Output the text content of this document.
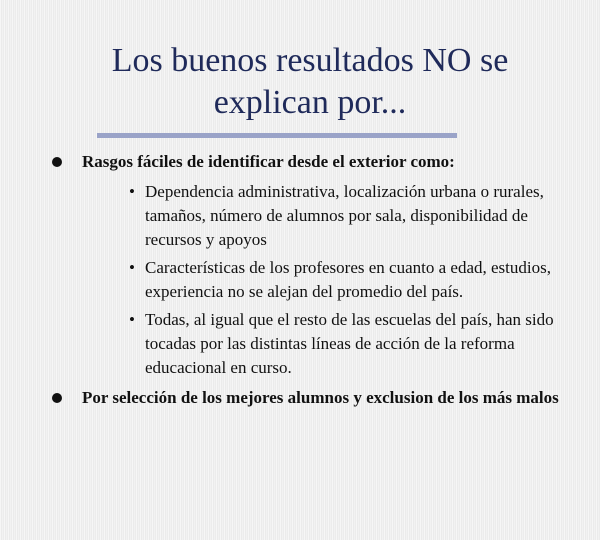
Los buenos resultados NO se
explican por...
Rasgos fáciles de identificar desde el exterior como:
• Dependencia administrativa, localización urbana o rurales, tamaños, número de alumnos por sala, disponibilidad de recursos y apoyos
• Características de los profesores en cuanto a edad, estudios, experiencia no se alejan del promedio del país.
• Todas, al igual que el resto de las escuelas del país, han sido tocadas por las distintas líneas de acción de la reforma educacional en curso.
Por selección de los mejores alumnos y exclusion de los más malos
